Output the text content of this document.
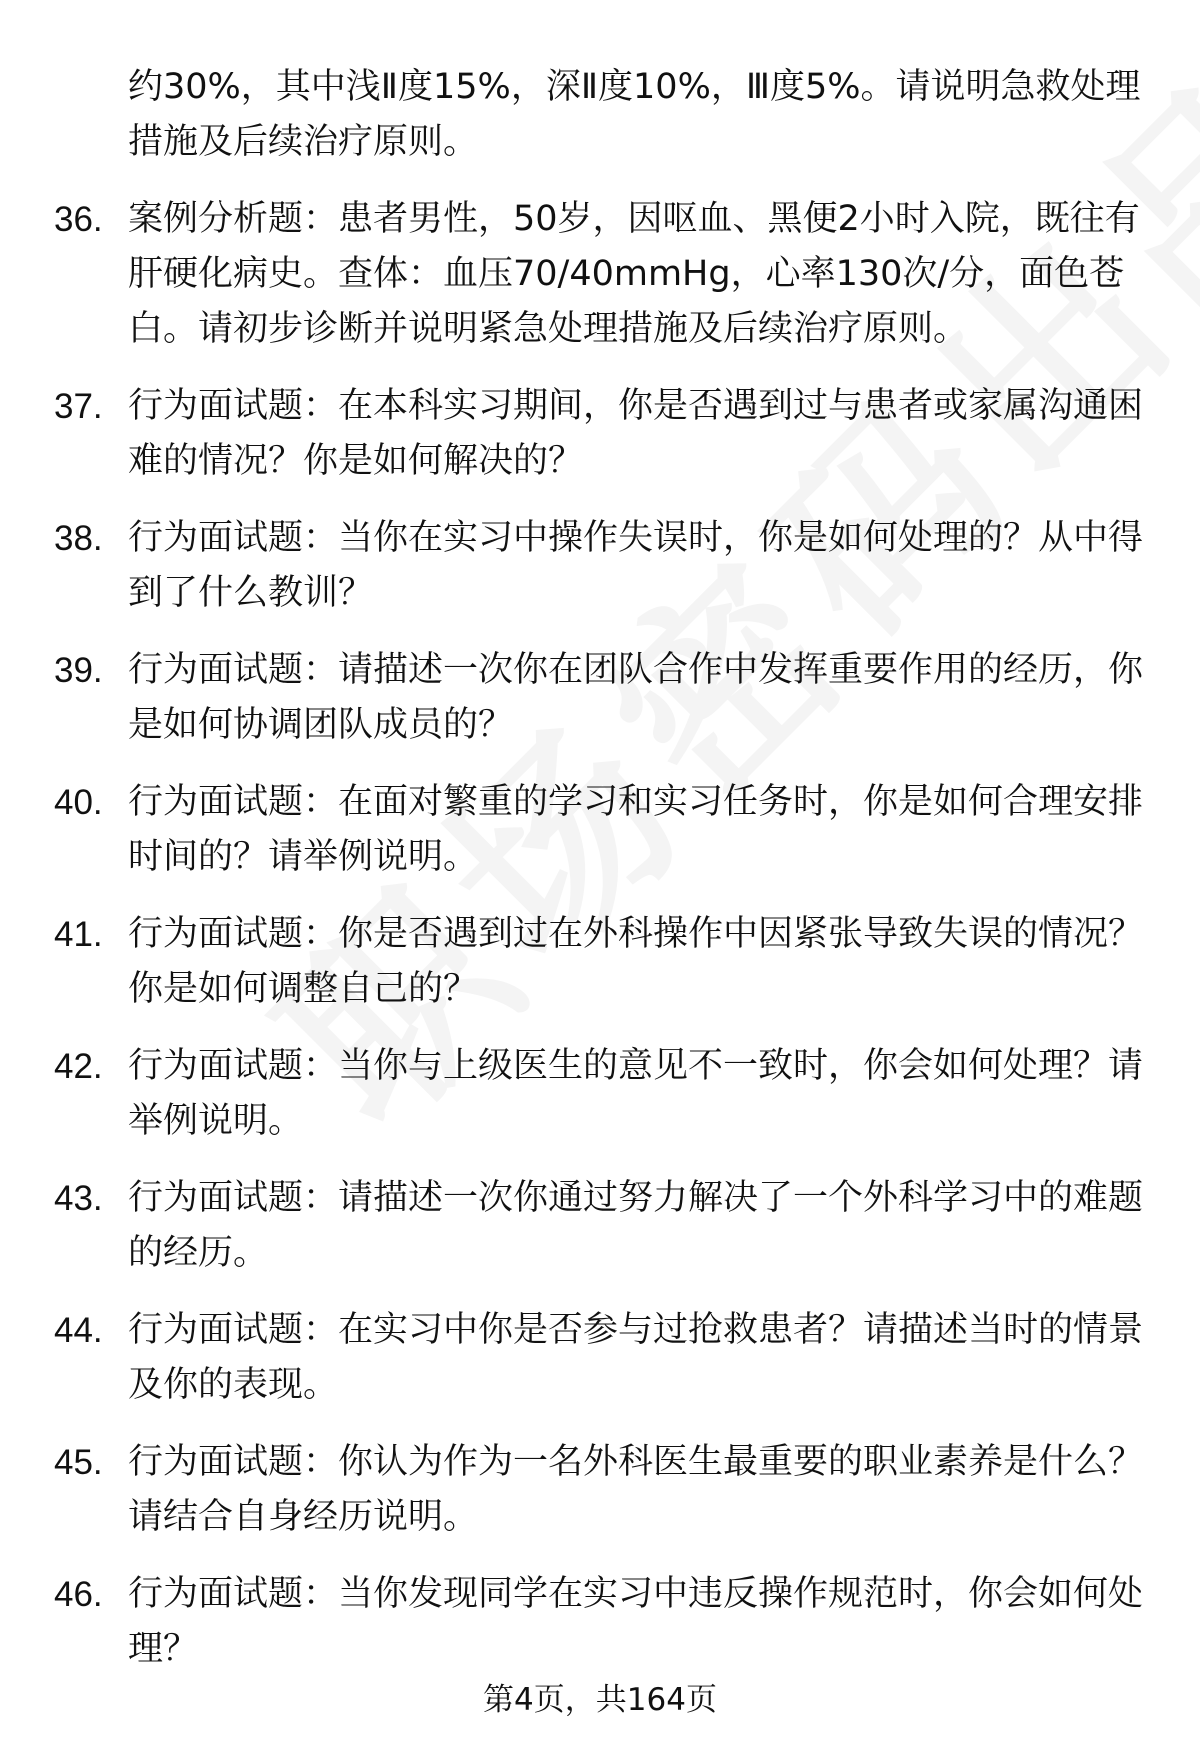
约30%，其中浅Ⅱ度15%，深Ⅱ度10%，Ⅲ度5%。请说明急救处理措施及后续治疗原则。
36. 案例分析题：患者男性，50岁，因呕血、黑便2小时入院，既往有肝硬化病史。查体：血压70/40mmHg，心率130次/分，面色苍白。请初步诊断并说明紧急处理措施及后续治疗原则。
37. 行为面试题：在本科实习期间，你是否遇到过与患者或家属沟通困难的情况？你是如何解决的？
38. 行为面试题：当你在实习中操作失误时，你是如何处理的？从中得到了什么教训？
39. 行为面试题：请描述一次你在团队合作中发挥重要作用的经历，你是如何协调团队成员的？
40. 行为面试题：在面对繁重的学习和实习任务时，你是如何合理安排时间的？请举例说明。
41. 行为面试题：你是否遇到过在外科操作中因紧张导致失误的情况？你是如何调整自己的？
42. 行为面试题：当你与上级医生的意见不一致时，你会如何处理？请举例说明。
43. 行为面试题：请描述一次你通过努力解决了一个外科学习中的难题的经历。
44. 行为面试题：在实习中你是否参与过抢救患者？请描述当时的情景及你的表现。
45. 行为面试题：你认为作为一名外科医生最重要的职业素养是什么？请结合自身经历说明。
46. 行为面试题：当你发现同学在实习中违反操作规范时，你会如何处理？
第4页，共164页
